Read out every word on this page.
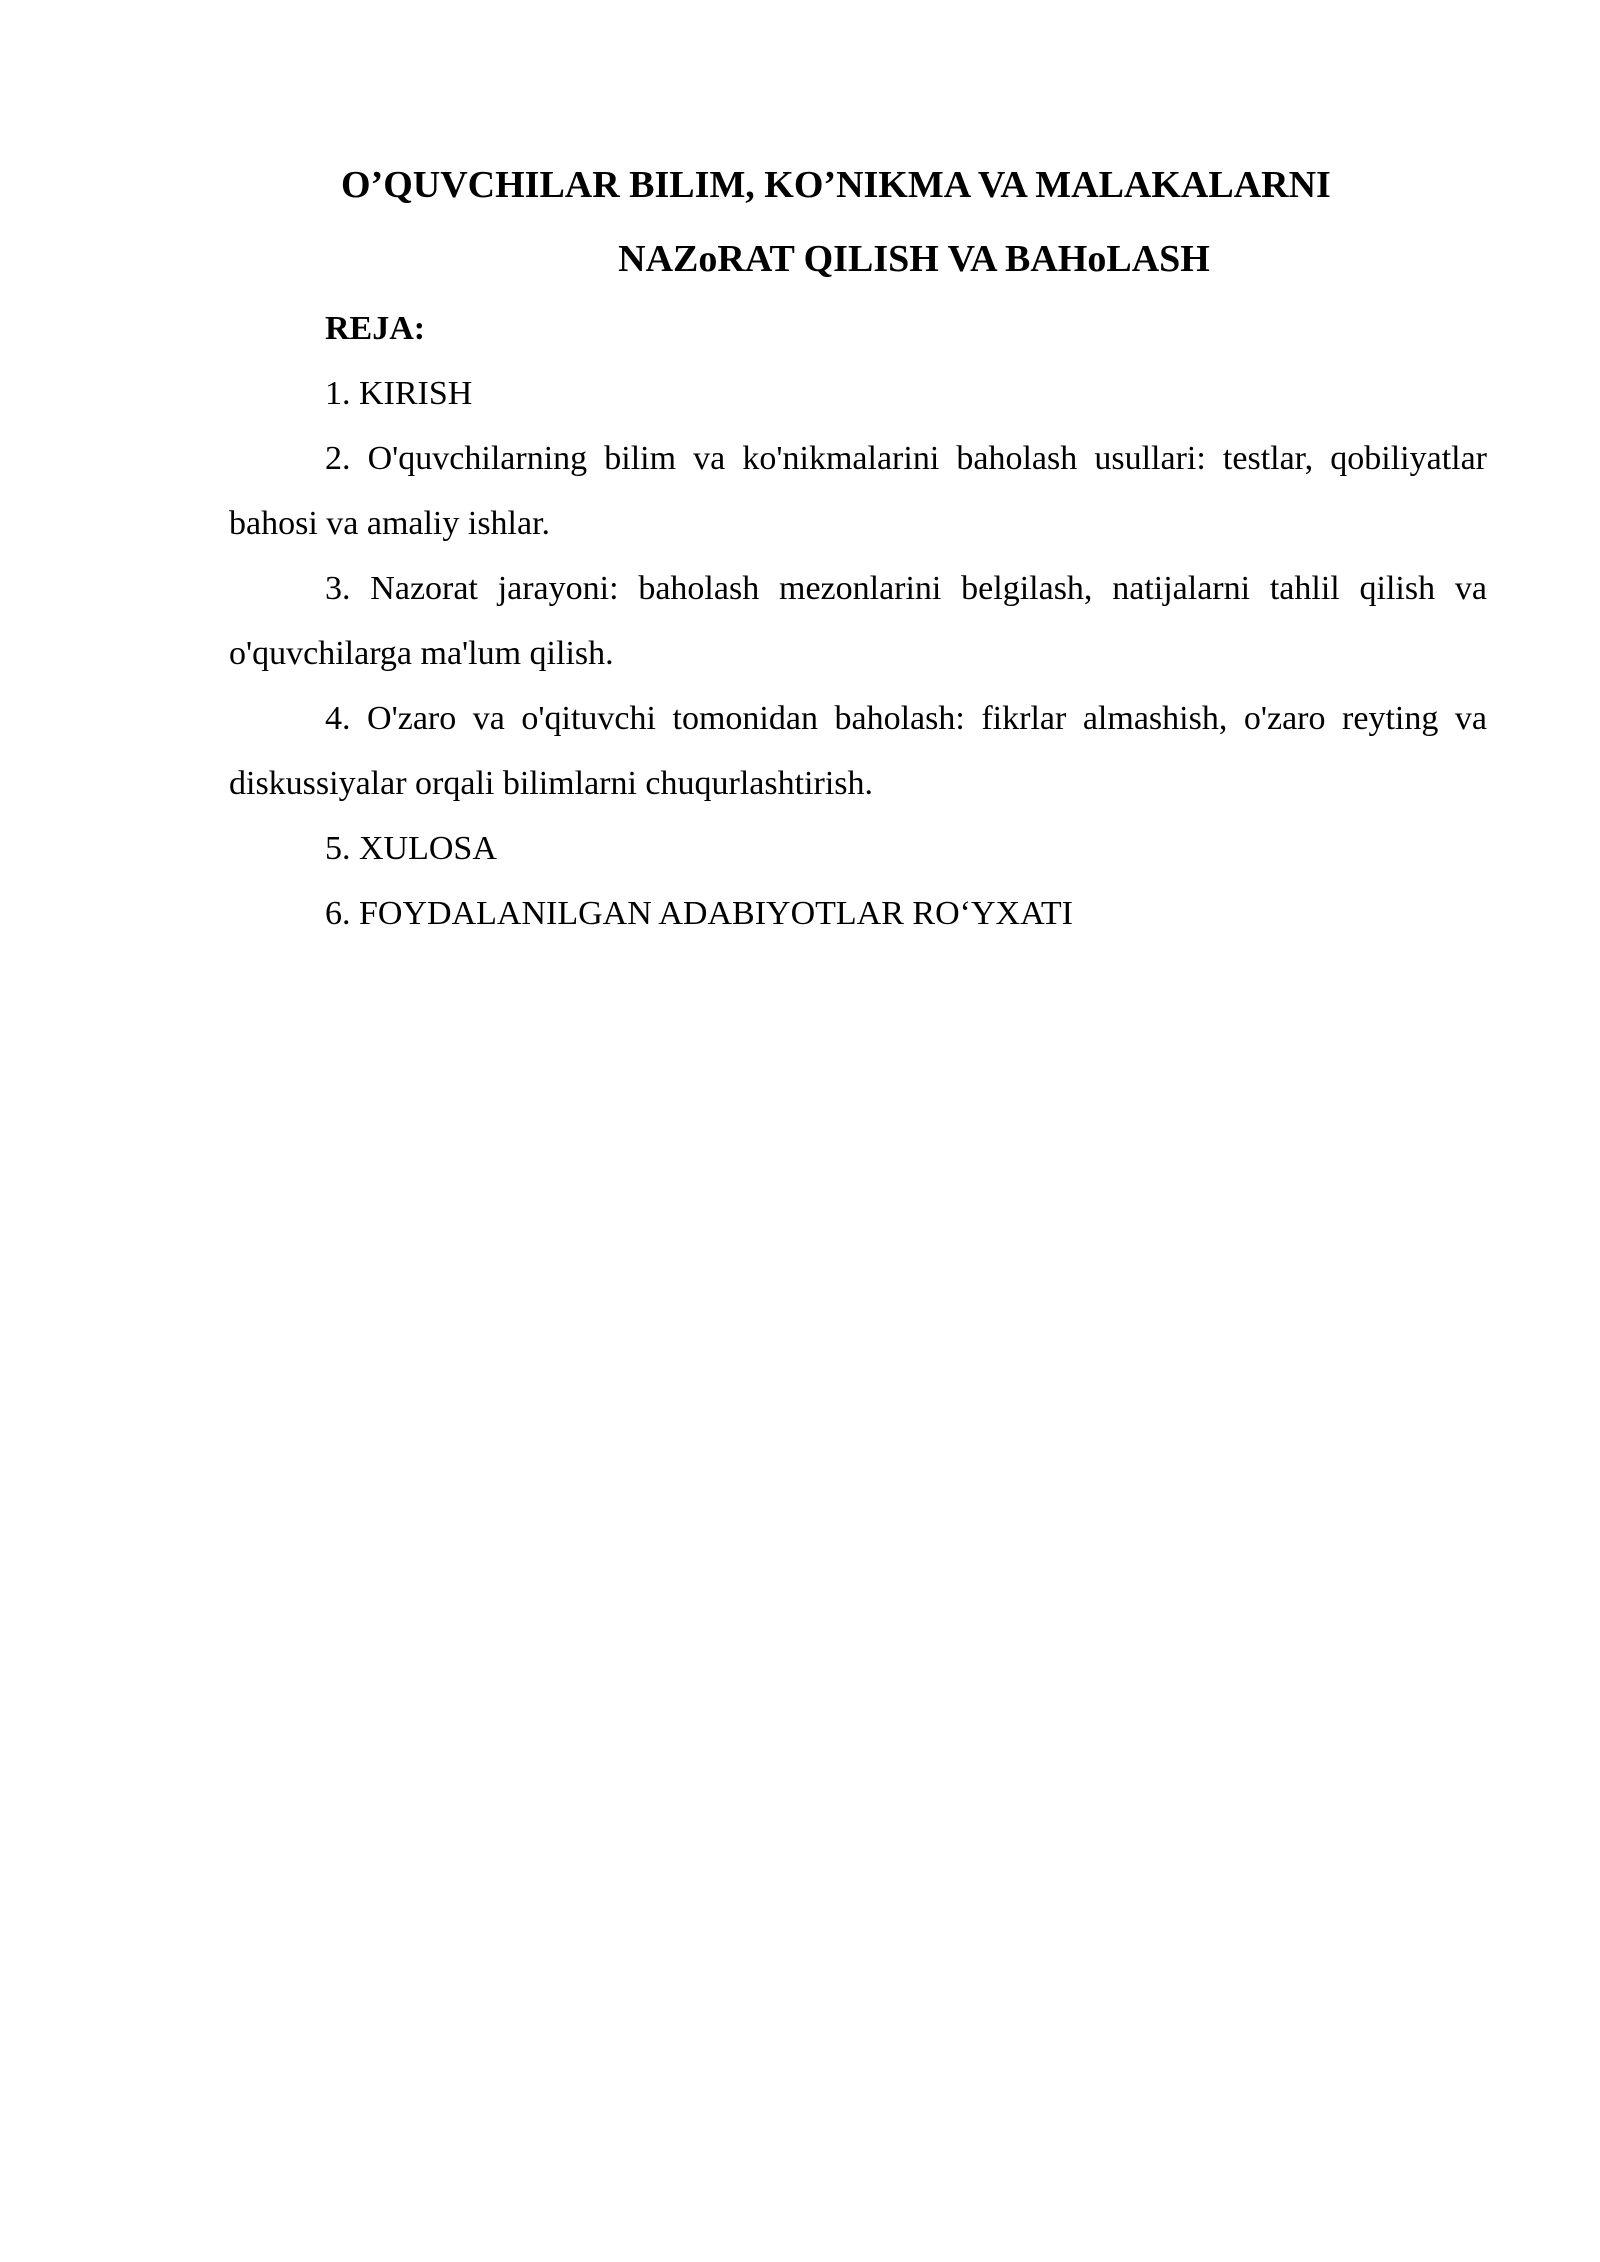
O’QUVCHILAR BILIM, KO’NIKMA VA MALAKALARNI
NAZoRAT QILISH VA BAHoLASH

REJA:

1. KIRISH
2. O'quvchilarning bilim va ko'nikmalarini baholash usullari: testlar, qobiliyatlar bahosi va amaliy ishlar.
3. Nazorat jarayoni: baholash mezonlarini belgilash, natijalarni tahlil qilish va o'quvchilarga ma'lum qilish.
4. O'zaro va o'qituvchi tomonidan baholash: fikrlar almashish, o'zaro reyting va diskussiyalar orqali bilimlarni chuqurlashtirish.
5. XULOSA
6. FOYDALANILGAN ADABIYOTLAR RO‘YXATI
